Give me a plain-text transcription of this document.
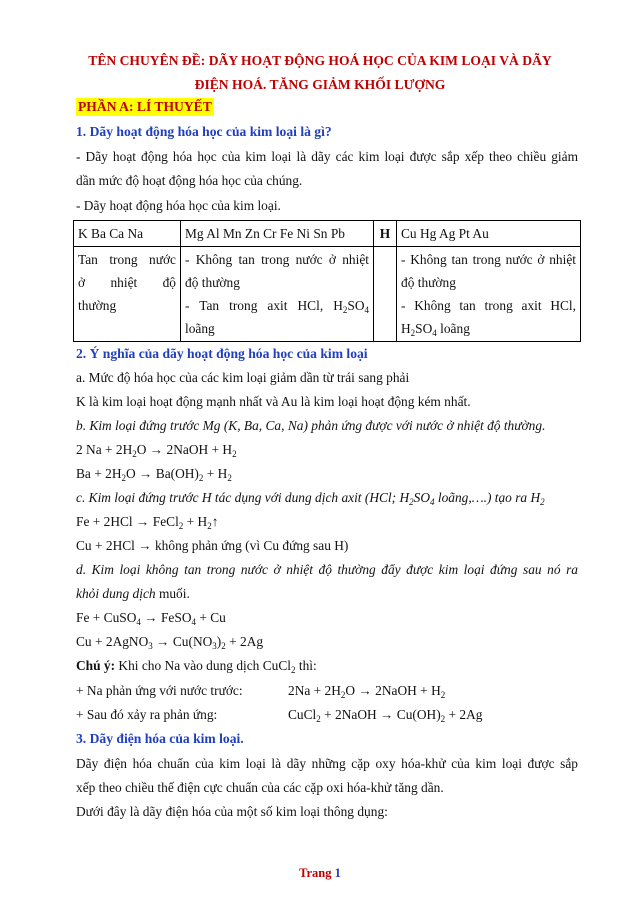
TÊN CHUYÊN ĐỀ: DÃY HOẠT ĐỘNG HOÁ HỌC CỦA KIM LOẠI VÀ DÃY
ĐIỆN HOÁ. TĂNG GIẢM KHỐI LƯỢNG
PHẦN A: LÍ THUYẾT
1. Dãy hoạt động hóa học của kim loại là gì?
- Dãy hoạt động hóa học của kim loại là dãy các kim loại được sắp xếp theo chiều giảm
dần mức độ hoạt động hóa học của chúng.
- Dãy hoạt động hóa học của kim loại.
K Ba Ca Na	Mg Al Mn Zn Cr Fe Ni Sn Pb	H	Cu Hg Ag Pt Au

Tan trong nước
ở nhiệt độ
thường	- Không tan trong nước ở nhiệt
độ thường
- Tan trong axit HCl, $H_2SO_4$
loãng		- Không tan trong nước ở nhiệt
độ thường
- Không tan trong axit HCl,
$H_2SO_4$ loãng
2. Ý nghĩa của dãy hoạt động hóa học của kim loại
a. Mức độ hóa học của các kim loại giảm dần từ trái sang phải
K là kim loại hoạt động mạnh nhất và Au là kim loại hoạt động kém nhất.
b. Kim loại đứng trước Mg (K, Ba, Ca, Na) phản ứng được với nước ở nhiệt độ thường.
2 $Na + 2H_2O$ → 2NaOH + $H_2$
$Ba + 2H_2O \to Ba(OH)_2 + H_2$
c. Kim loại đứng trước H tác dụng với dung dịch axit (HCl; $H_2SO_4$ loãng,….) tạo ra $H_2$
Fe + 2HCl → FeCl$_2$ + $H_2↑$
Cu + 2HCl → không phản ứng (vì Cu đứng sau H)
d. Kim loại không tan trong nước ở nhiệt độ thường đẩy được kim loại đứng sau nó ra
khỏi dung dịch muối.
Fe + CuSO$_4$ → FeSO$_4$ + Cu
Cu + 2AgNO$_3$ → $Cu(NO_3)_2 + 2Ag$
Chú ý: Khi cho Na vào dung dịch CuCl$_2$ thì:
+ Na phản ứng với nước trước:	$2Na + 2H_2O$ → 2NaOH + $H_2$
+ Sau đó xảy ra phản ứng:	CuCl$_2$ + 2NaOH → $Cu(OH)_2 + 2Ag$
3. Dãy điện hóa của kim loại.
Dãy điện hóa chuẩn của kim loại là dãy những cặp oxy hóa-khử của kim loại được sắp
xếp theo chiều thế điện cực chuẩn của các cặp oxi hóa-khử tăng dần.
Dưới đây là dãy điện hóa của một số kim loại thông dụng:
Trang 1
